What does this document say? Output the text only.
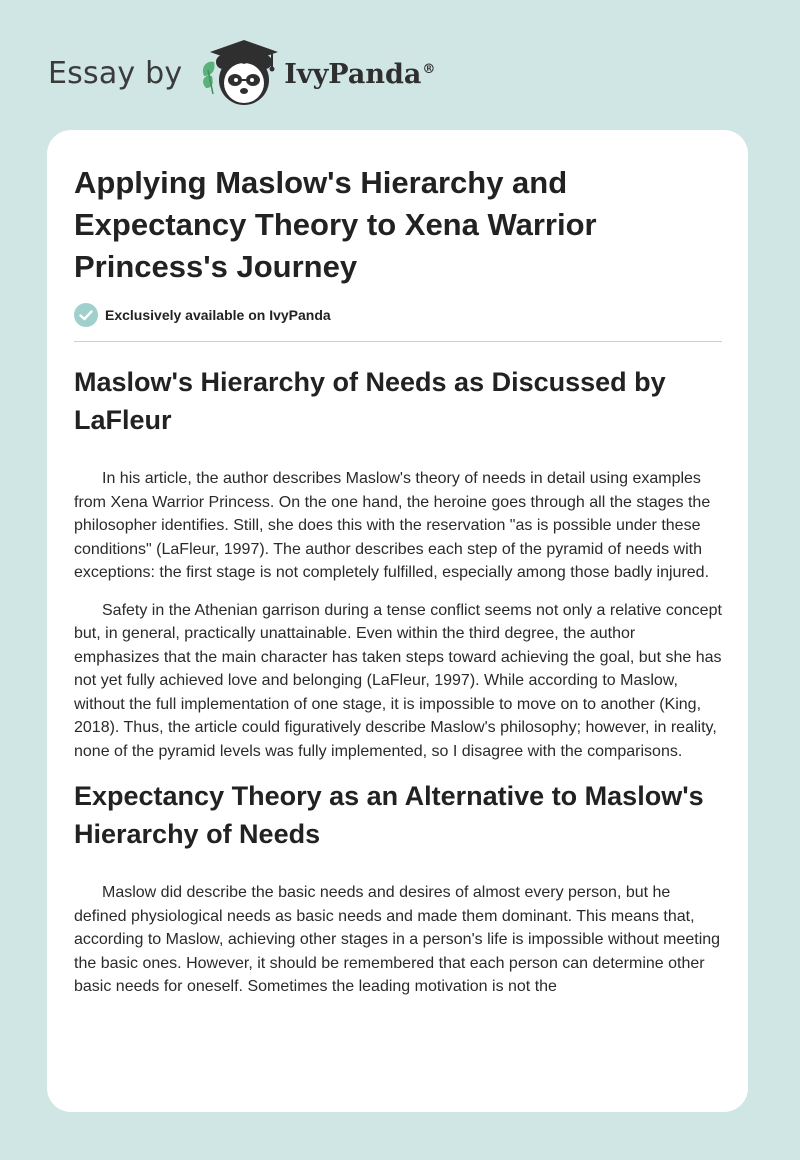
Essay by	IvyPanda®
Applying Maslow's Hierarchy and Expectancy Theory to Xena Warrior Princess's Journey
Exclusively available on IvyPanda
Maslow's Hierarchy of Needs as Discussed by LaFleur

In his article, the author describes Maslow's theory of needs in detail using examples from Xena Warrior Princess. On the one hand, the heroine goes through all the stages the philosopher identifies. Still, she does this with the reservation "as is possible under these conditions" (LaFleur, 1997). The author describes each step of the pyramid of needs with exceptions: the first stage is not completely fulfilled, especially among those badly injured.

Safety in the Athenian garrison during a tense conflict seems not only a relative concept but, in general, practically unattainable. Even within the third degree, the author emphasizes that the main character has taken steps toward achieving the goal, but she has not yet fully achieved love and belonging (LaFleur, 1997). While according to Maslow, without the full implementation of one stage, it is impossible to move on to another (King, 2018). Thus, the article could figuratively describe Maslow's philosophy; however, in reality, none of the pyramid levels was fully implemented, so I disagree with the comparisons.

Expectancy Theory as an Alternative to Maslow's Hierarchy of Needs

Maslow did describe the basic needs and desires of almost every person, but he defined physiological needs as basic needs and made them dominant. This means that, according to Maslow, achieving other stages in a person's life is impossible without meeting the basic ones. However, it should be remembered that each person can determine other basic needs for oneself. Sometimes the leading motivation is not the
